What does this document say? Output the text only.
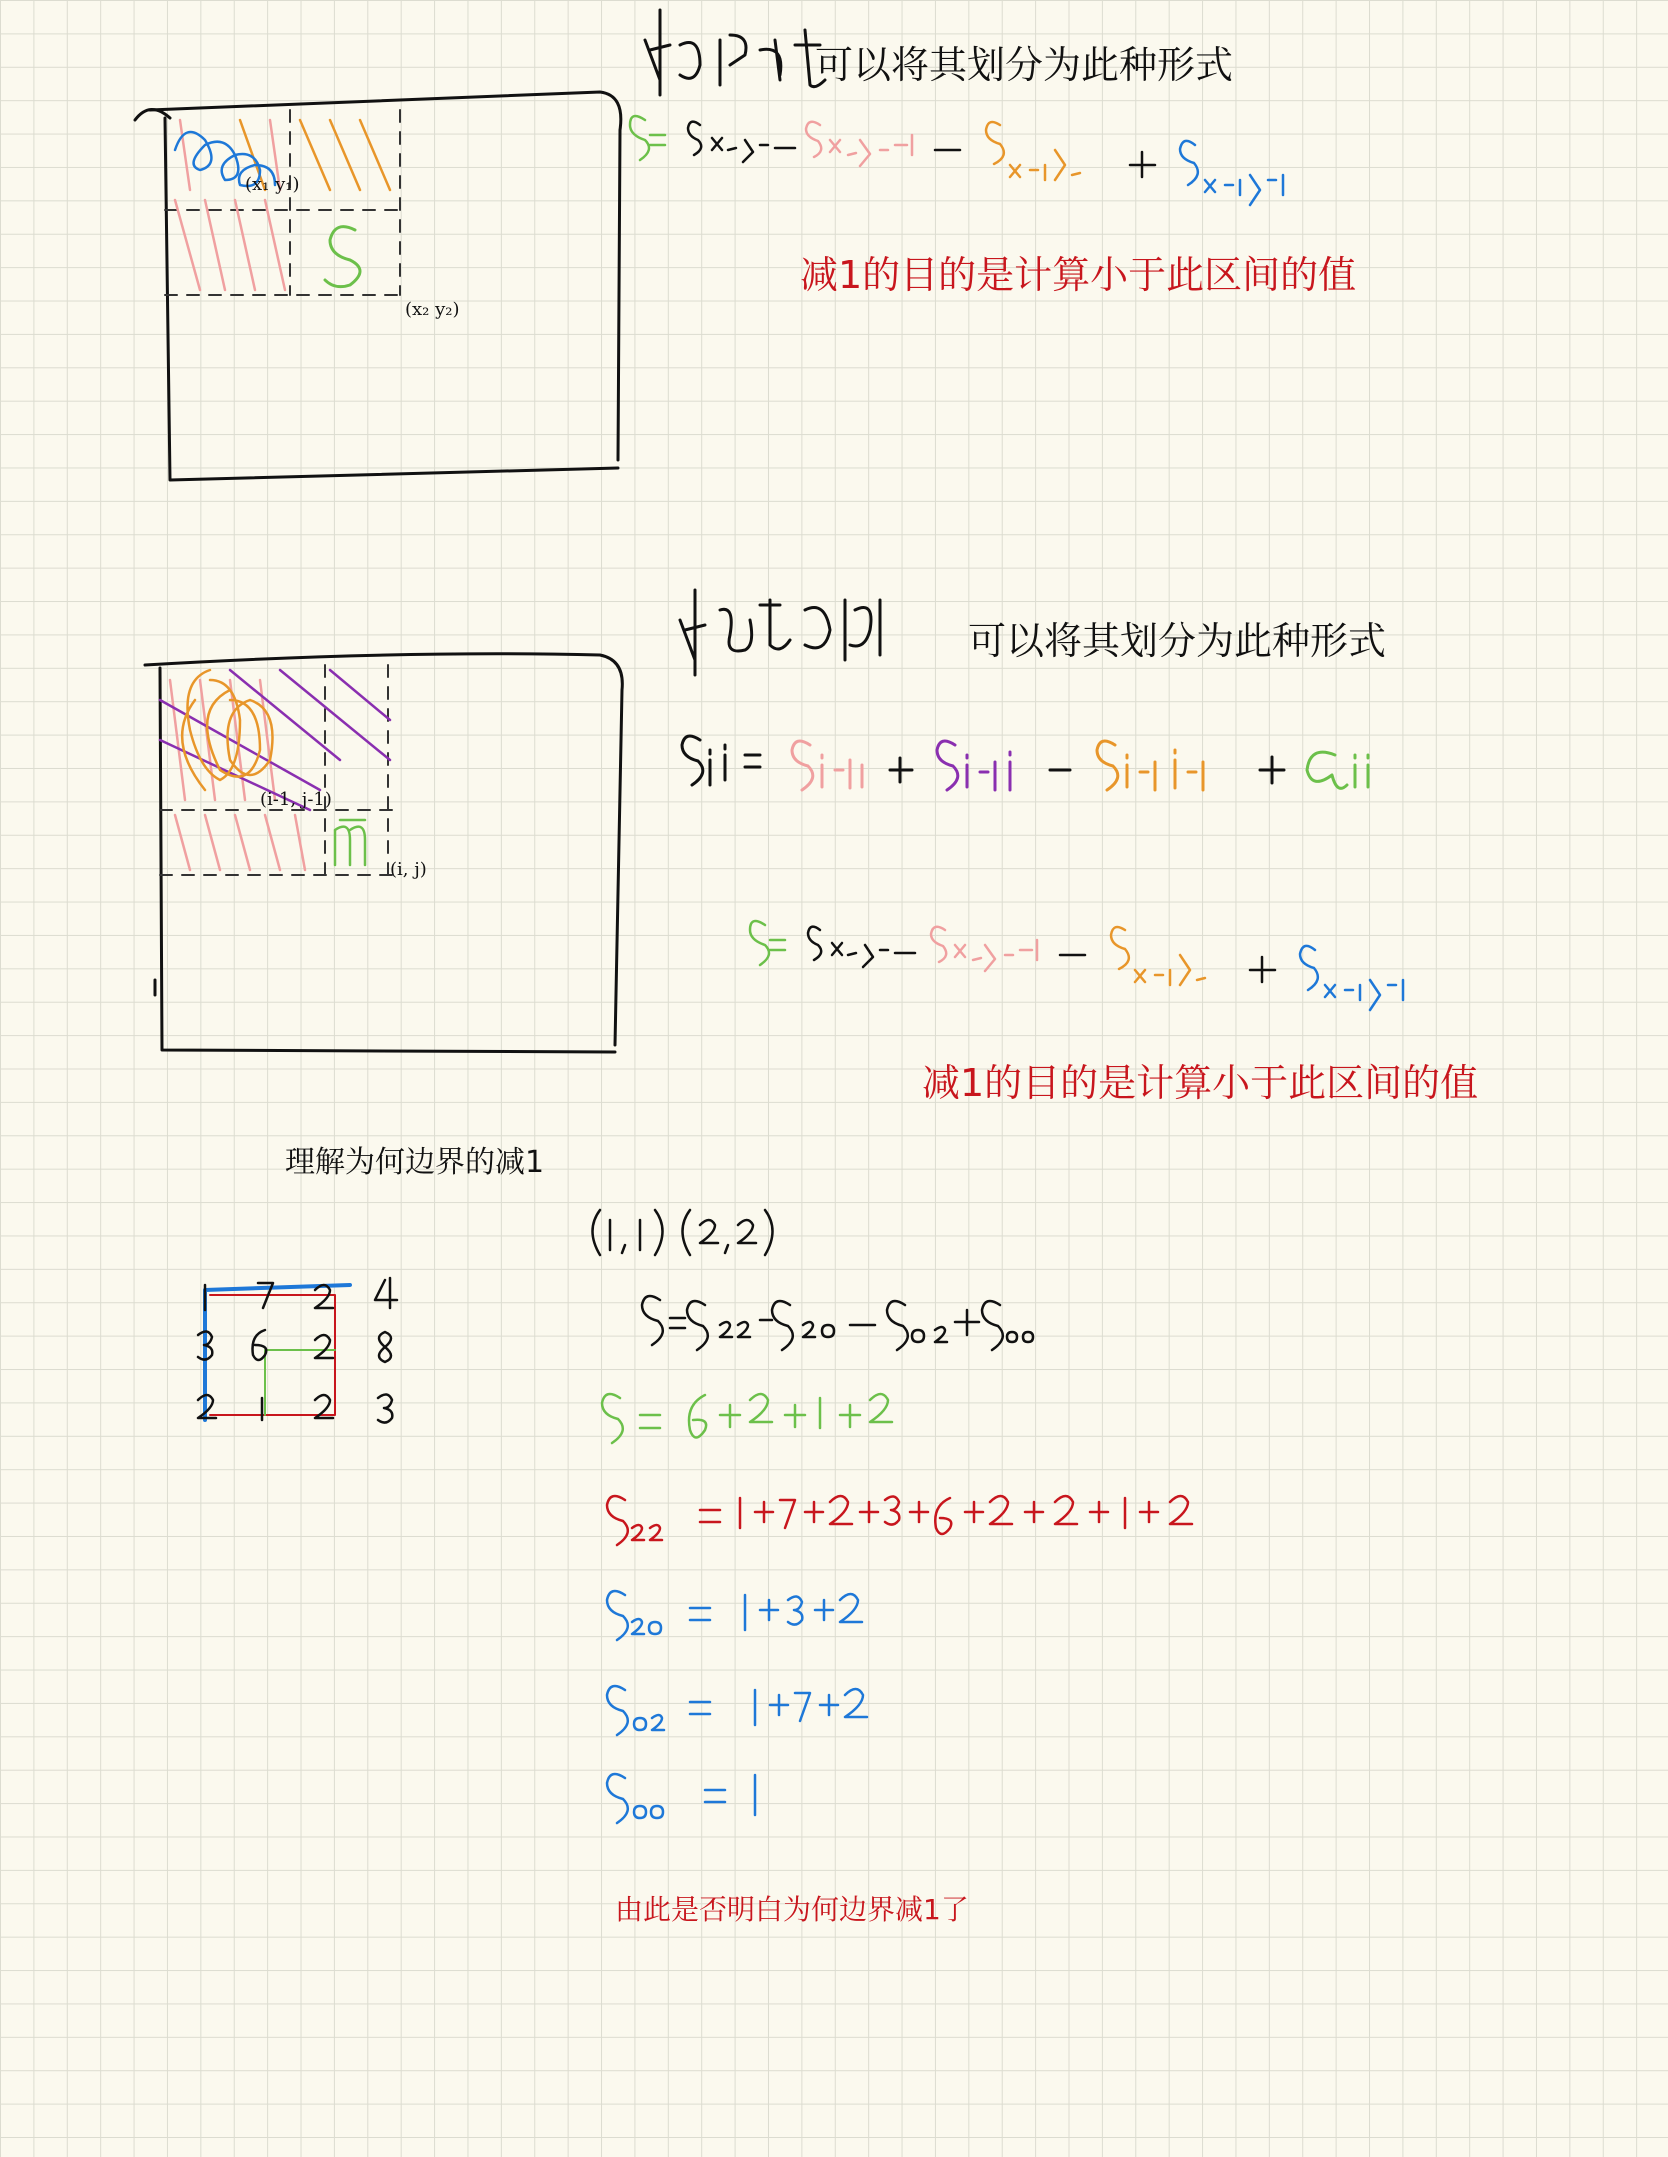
(x₁ y₁)
(x₂ y₂)
(i-1, j-1)
(i, j)
可以将其划分为此种形式
减1的目的是计算小于此区间的值
可以将其划分为此种形式
减1的目的是计算小于此区间的值
理解为何边界的减1
由此是否明白为何边界减1了
